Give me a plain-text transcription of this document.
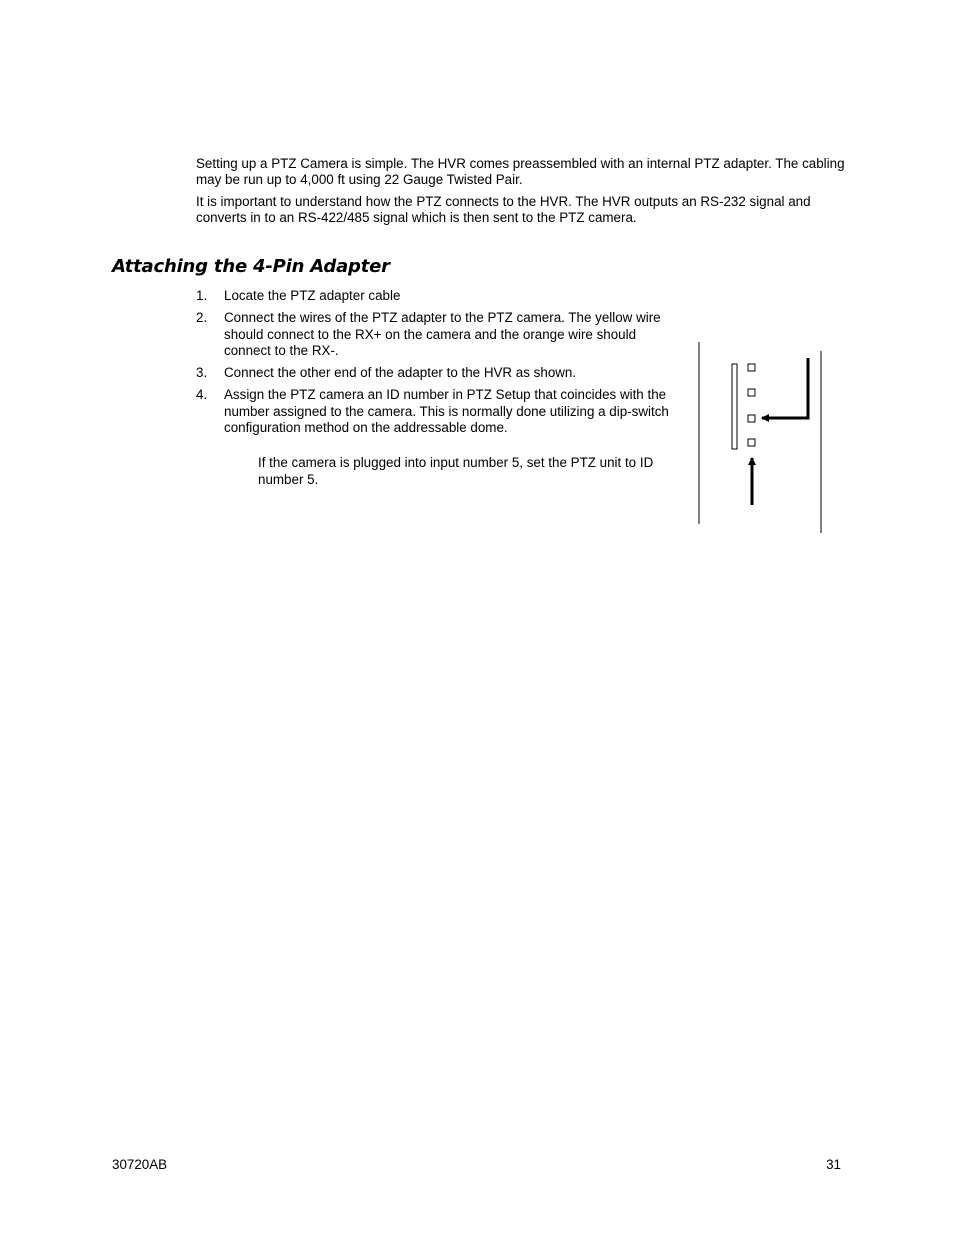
Setting up a PTZ Camera is simple. The HVR comes preassembled with an internal PTZ adapter. The cabling may be run up to 4,000 ft using 22 Gauge Twisted Pair.

It is important to understand how the PTZ connects to the HVR. The HVR outputs an RS-232 signal and converts in to an RS-422/485 signal which is then sent to the PTZ camera.

Attaching the 4-Pin Adapter
1. Locate the PTZ adapter cable
2. Connect the wires of the PTZ adapter to the PTZ camera. The yellow wire should connect to the RX+ on the camera and the orange wire should connect to the RX-.
3. Connect the other end of the adapter to the HVR as shown.
4. Assign the PTZ camera an ID number in PTZ Setup that coincides with the number assigned to the camera. This is normally done utilizing a dip-switch configuration method on the addressable dome.
If the camera is plugged into input number 5, set the PTZ unit to ID number 5.
30720AB	31
